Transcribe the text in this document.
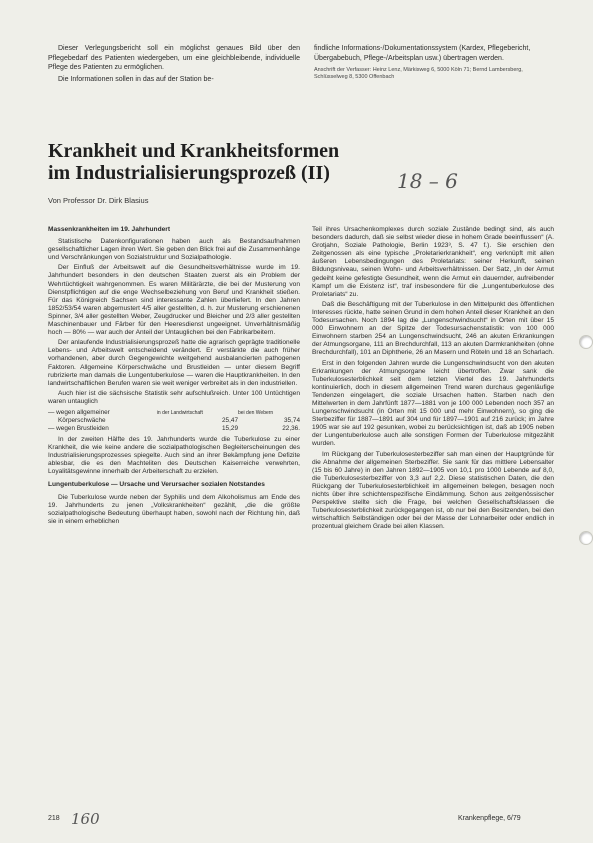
Dieser Verlegungsbericht soll ein möglichst genaues Bild über den Pflegebedarf des Patienten wiedergeben, um eine gleichbleibende, individuelle Pflege des Patienten zu ermöglichen.

Die Informationen sollen in das auf der Station be-

findliche Informations-/Dokumentationssystem (Kardex, Pflegebericht, Übergabebuch, Pflege-/Arbeitsplan usw.) übertragen werden.

Anschrift der Verfasser: Heinz Lenz, Märkisweg 6, 5000 Köln 71; Bernd Lambersberg, Schlüsselweg 8, 5300 Offenbach

Krankheit und Krankheitsformen
im Industrialisierungsprozeß (II)	18 – 6
Von Professor Dr. Dirk Blasius
Massenkrankheiten im 19. Jahrhundert

Statistische Datenkonfigurationen haben auch als Bestandsaufnahmen gesellschaftlicher Lagen ihren Wert. Sie geben den Blick frei auf die Zusammenhänge und Verschränkungen von Sozialstruktur und Sozialpathologie.

Der Einfluß der Arbeitswelt auf die Gesundheitsverhältnisse wurde im 19. Jahrhundert besonders in den deutschen Staaten zuerst als ein Problem der Wehrtüchtigkeit wahrgenommen. Es waren Militärärzte, die bei der Musterung von Dienstpflichtigen auf die enge Wechselbeziehung von Beruf und Krankheit stießen. Für das Königreich Sachsen sind interessante Zahlen überliefert. In den Jahren 1852/53/54 waren abgemustert 4/5 aller gestellten, d. h. zur Musterung erschienenen Spinner, 3/4 aller gestellten Weber, Zeugdrucker und Bleicher und 2/3 aller gestellten Maschinenbauer und Färber für den Heeresdienst ungeeignet. Unverhältnismäßig hoch — 80% — war auch der Anteil der Untauglichen bei den Fabrikarbeitern.

Der anlaufende Industrialisierungsprozeß hatte die agrarisch geprägte traditionelle Lebens- und Arbeitswelt entscheidend verändert. Er verstärkte die auch früher vorhandenen, aber durch Gegengewichte weitgehend ausbalancierten pathogenen Faktoren. Allgemeine Körperschwäche und Brustleiden — unter diesem Begriff rubrizierte man damals die Lungentuberkulose — waren die Hauptkrankheiten. In den landwirtschaftlichen Berufen waren sie weit weniger verbreitet als in den industriellen.

Auch hier ist die sächsische Statistik sehr aufschlußreich. Unter 100 Untüchtigen waren untauglich

— wegen allgemeiner	in der Landwirtschaft	bei den Webern
Körperschwäche	25,47	35,74
— wegen Brustleiden	15,29	22,36.

In der zweiten Hälfte des 19. Jahrhunderts wurde die Tuberkulose zu einer Krankheit, die wie keine andere die sozialpathologischen Begleiterscheinungen des Industrialisierungsprozesses spiegelte. Auch sind an ihrer Bekämpfung jene Defizite ablesbar, die es den Machteliten des Deutschen Kaiserreiche verwehrten, Loyalitätsgewinne innerhalb der Arbeiterschaft zu erzielen.

Lungentuberkulose — Ursache und Verursacher sozialen Notstandes

Die Tuberkulose wurde neben der Syphilis und dem Alkoholismus am Ende des 19. Jahrhunderts zu jenen „Volkskrankheiten“ gezählt, „die die größte sozialpathologische Bedeutung überhaupt haben, sowohl nach der Richtung hin, daß sie in einem erheblichen

Teil ihres Ursachenkomplexes durch soziale Zustände bedingt sind, als auch besonders dadurch, daß sie selbst wieder diese in hohem Grade beeinflussen“ (A. Grotjahn, Soziale Pathologie, Berlin 1923³, S. 47 f.). Sie erschien den Zeitgenossen als eine typische „Proletarierkrankheit“, eng verknüpft mit allen äußeren Lebensbedingungen des Proletariats: seiner Herkunft, seinen Bildungsniveau, seinen Wohn- und Arbeitsverhältnissen. Der Satz, „In der Armut gedeiht keine gefestigte Gesundheit, wenn die Armut ein dauernder, aufreibender Kampf um die Existenz ist“, traf insbesondere für die „Lungentuberkulose des Proletariats“ zu.

Daß die Beschäftigung mit der Tuberkulose in den Mittelpunkt des öffentlichen Interesses rückte, hatte seinen Grund in dem hohen Anteil dieser Krankheit an den Todesursachen. Noch 1894 lag die „Lungenschwindsucht“ in Orten mit über 15 000 Einwohnern an der Spitze der Todesursachenstatistik: von 100 000 Einwohnern starben 254 an Lungenschwindsucht, 246 an akuten Erkrankungen der Atmungsorgane, 111 an Brechdurchfall, 113 an akuten Darmkrankheiten (ohne Brechdurchfall), 101 an Diphtherie, 26 an Masern und Röteln und 18 an Scharlach.

Erst in den folgenden Jahren wurde die Lungenschwindsucht von den akuten Erkrankungen der Atmungsorgane leicht übertroffen. Zwar sank die Tuberkulosesterblichkeit seit dem letzten Viertel des 19. Jahrhunderts kontinuierlich, doch in diesem allgemeinen Trend waren durchaus gegenläufige Tendenzen eingelagert, die soziale Ursachen hatten. Starben nach den Mittelwerten in dem Jahrfünft 1877—1881 von je 100 000 Lebenden noch 357 an Lungenschwindsucht (in Orten mit 15 000 und mehr Einwohnern), so ging die Sterbeziffer für 1887—1891 auf 304 und für 1897—1901 auf 216 zurück; im Jahre 1905 war sie auf 192 gesunken, wobei zu berücksichtigen ist, daß ab 1905 neben der Lungentuberkulose auch alle sonstigen Formen der Tuberkulose mitgezählt wurden.

Im Rückgang der Tuberkulosesterbeziffer sah man einen der Hauptgründe für die Abnahme der allgemeinen Sterbeziffer. Sie sank für das mittlere Lebensalter (15 bis 60 Jahre) in den Jahren 1892—1905 von 10,1 pro 1000 Lebende auf 8,0, die Tuberkulosesterbeziffer von 3,3 auf 2,2. Diese statistischen Daten, die den Rückgang der Tuberkulosesterblichkeit im allgemeinen belegen, besagen noch nichts über ihre schichtenspezifische Eindämmung. Schon aus zeitgenössischer Perspektive stellte sich die Frage, bei welchen Gesellschaftsklassen die Tuberkulosesterblichkeit zurückgegangen ist, ob nur bei den Besitzenden, bei den wirtschaftlich Selbständigen oder bei der Masse der Lohnarbeiter oder endlich in prozentual gleichem Grade bei allen Klassen.

218 160	Krankenpflege, 6/79
